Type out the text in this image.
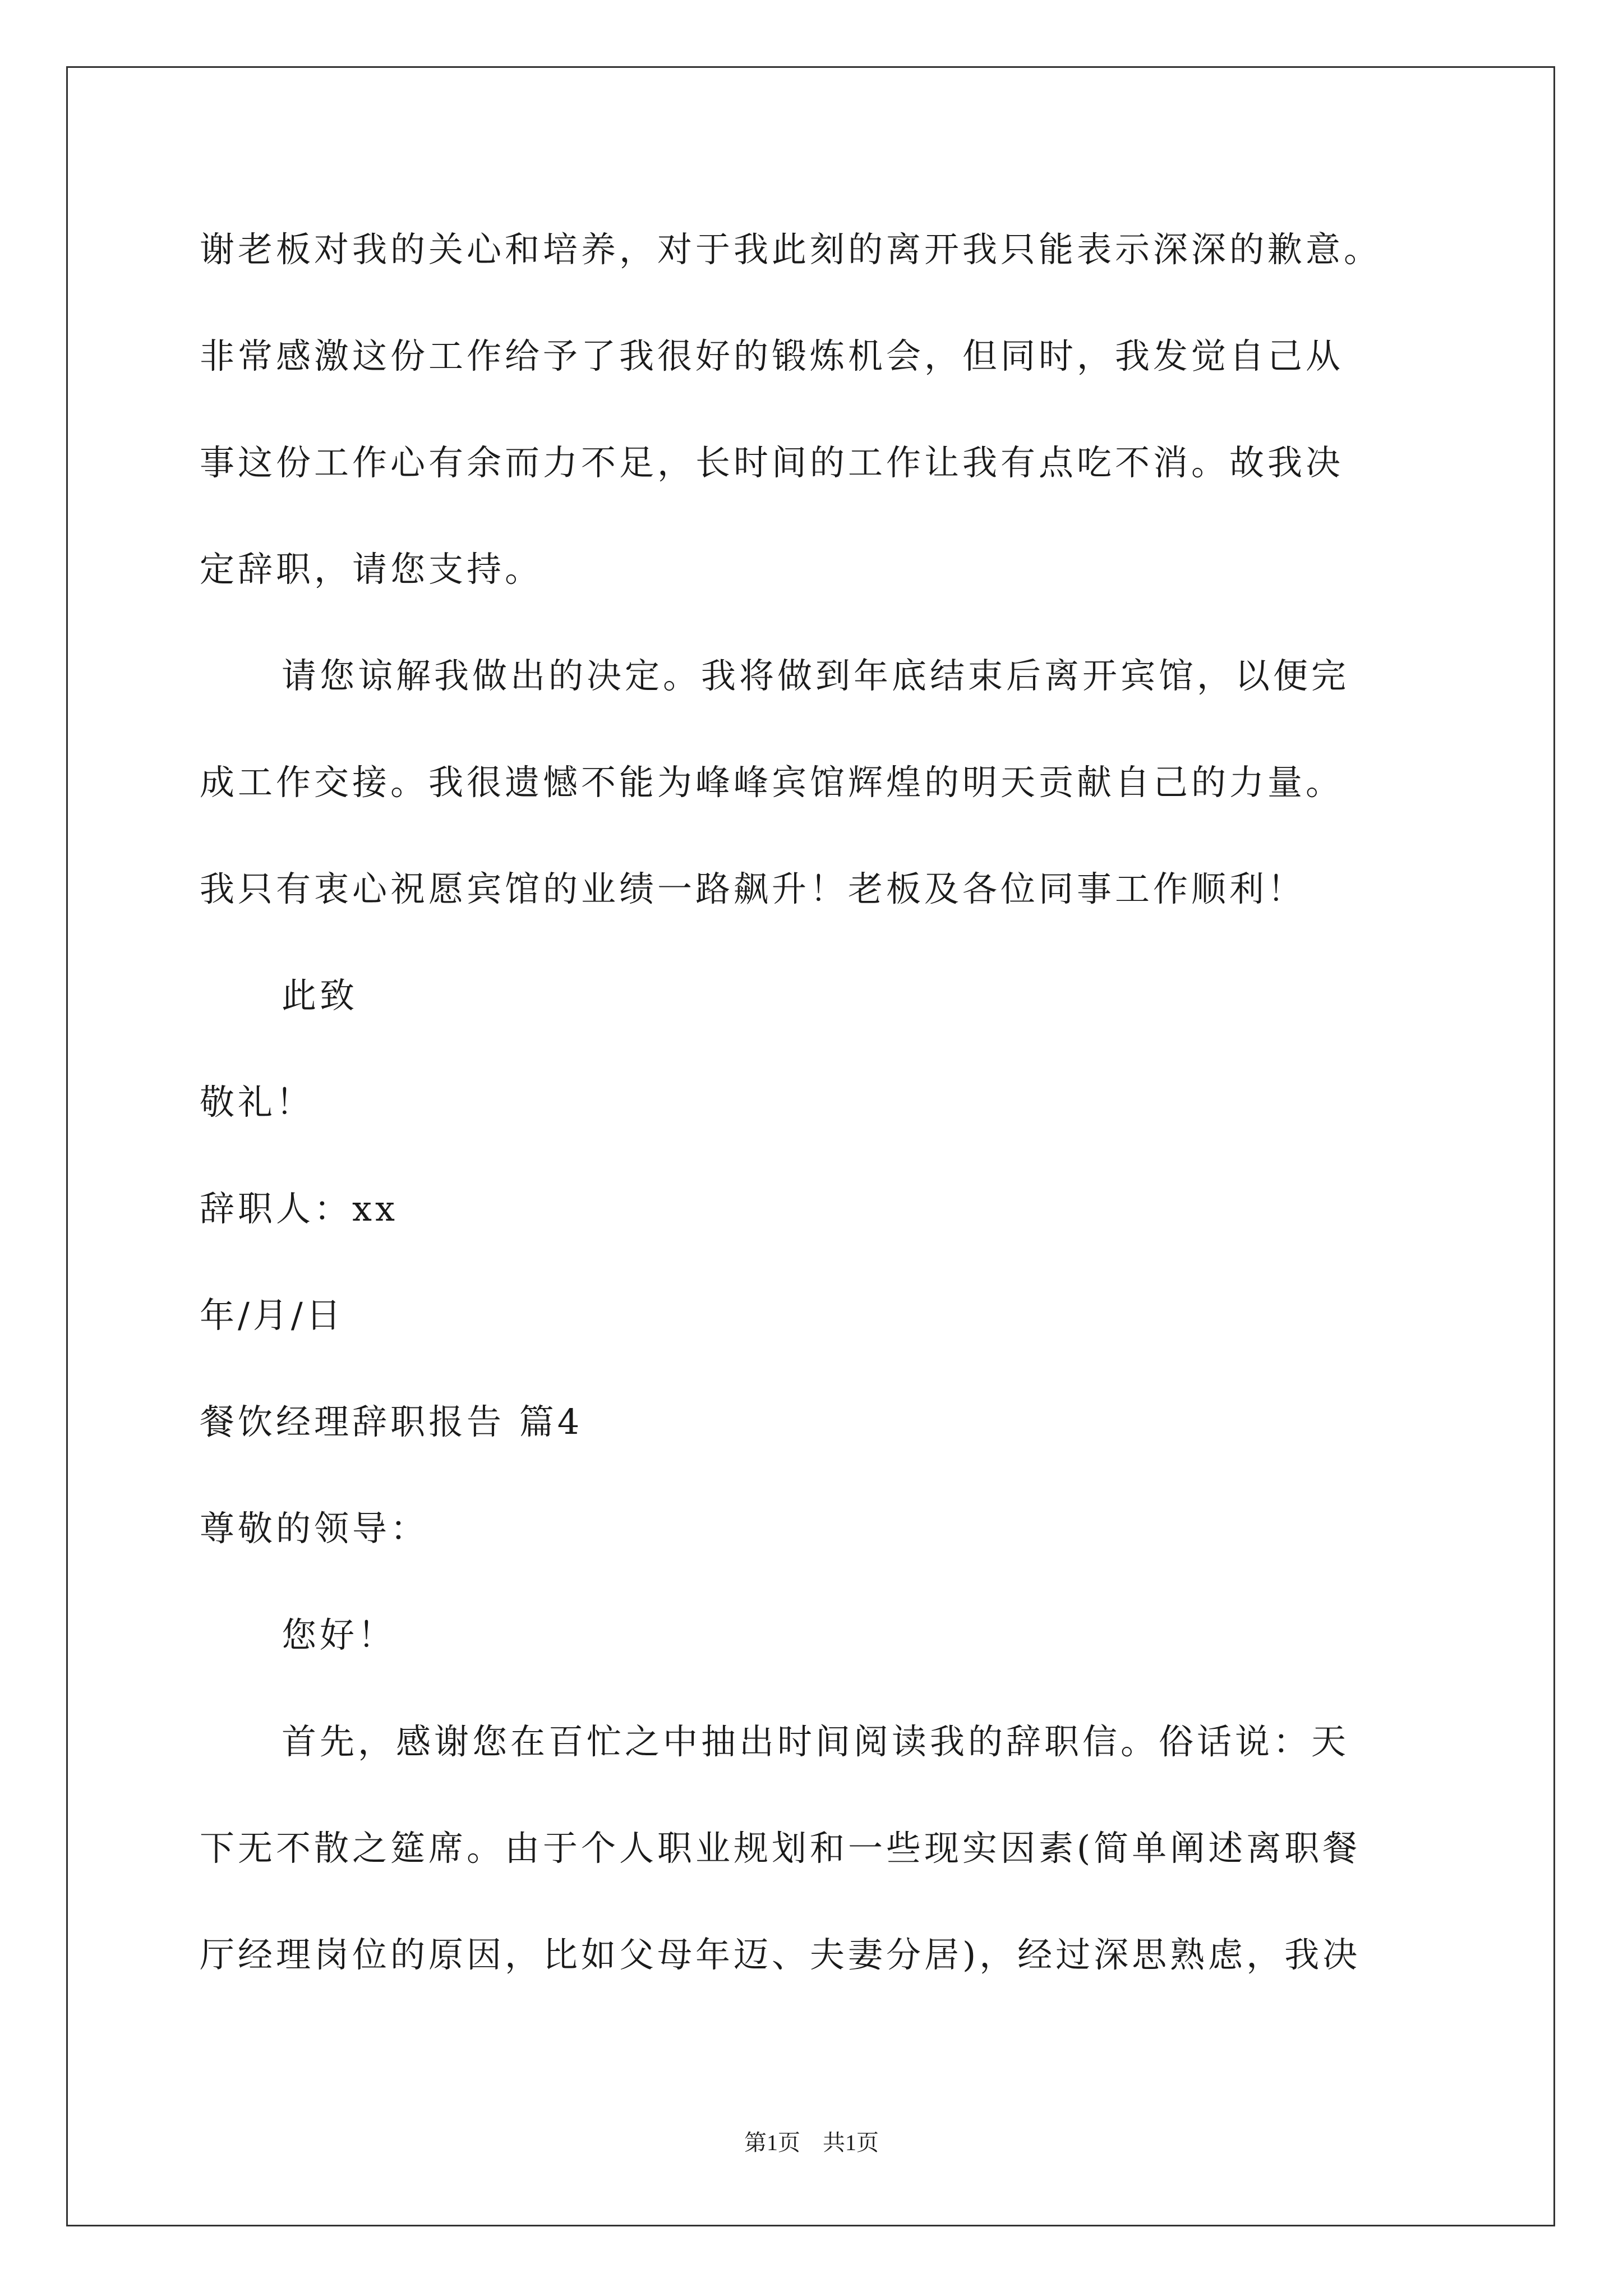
谢老板对我的关心和培养，对于我此刻的离开我只能表示深深的歉意。
非常感激这份工作给予了我很好的锻炼机会，但同时，我发觉自己从
事这份工作心有余而力不足，长时间的工作让我有点吃不消。故我决
定辞职，请您支持。
请您谅解我做出的决定。我将做到年底结束后离开宾馆，以便完
成工作交接。我很遗憾不能为峰峰宾馆辉煌的明天贡献自己的力量。
我只有衷心祝愿宾馆的业绩一路飙升！老板及各位同事工作顺利！
此致
敬礼！
辞职人：xx
年/月/日
餐饮经理辞职报告 篇4
尊敬的领导：
您好！
首先，感谢您在百忙之中抽出时间阅读我的辞职信。俗话说：天
下无不散之筵席。由于个人职业规划和一些现实因素(简单阐述离职餐
厅经理岗位的原因，比如父母年迈、夫妻分居)，经过深思熟虑，我决
第1页　共1页
